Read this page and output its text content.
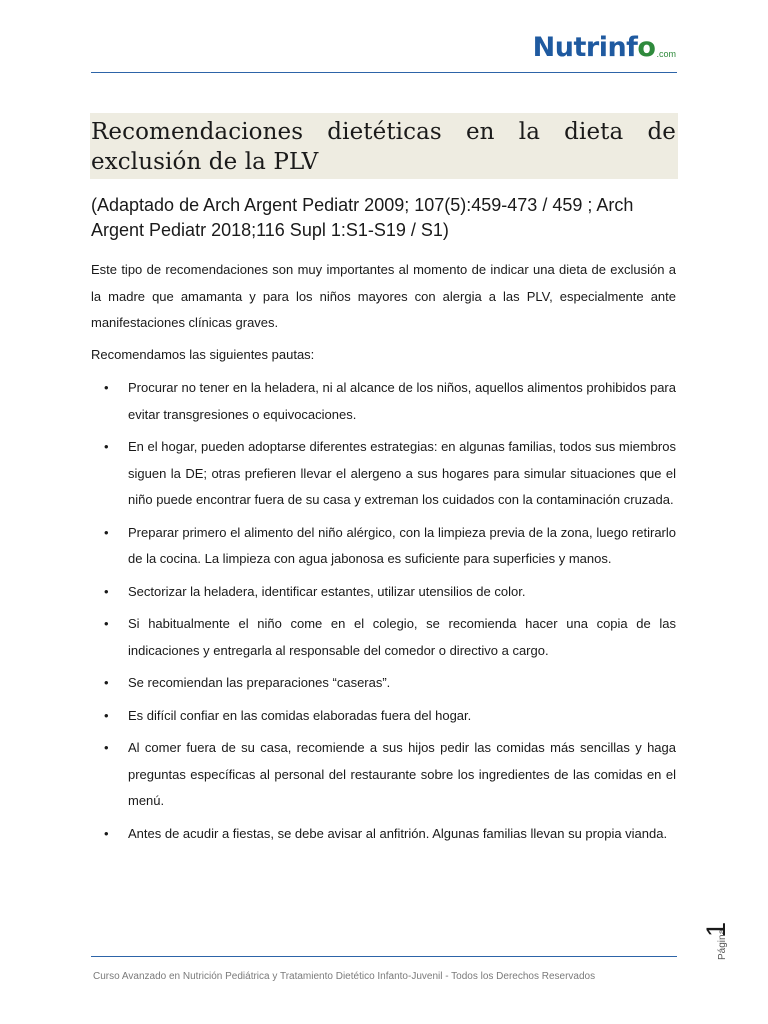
Nutrinfo .com
Recomendaciones dietéticas en la dieta de exclusión de la PLV

(Adaptado de Arch Argent Pediatr 2009; 107(5):459-473 / 459 ; Arch Argent Pediatr 2018;116 Supl 1:S1-S19 / S1)

Este tipo de recomendaciones son muy importantes al momento de indicar una dieta de exclusión a la madre que amamanta y para los niños mayores con alergia a las PLV, especialmente ante manifestaciones clínicas graves.

Recomendamos las siguientes pautas:

• Procurar no tener en la heladera, ni al alcance de los niños, aquellos alimentos prohibidos para evitar transgresiones o equivocaciones.
• En el hogar, pueden adoptarse diferentes estrategias: en algunas familias, todos sus miembros siguen la DE; otras prefieren llevar el alergeno a sus hogares para simular situaciones que el niño puede encontrar fuera de su casa y extreman los cuidados con la contaminación cruzada.
• Preparar primero el alimento del niño alérgico, con la limpieza previa de la zona, luego retirarlo de la cocina. La limpieza con agua jabonosa es suficiente para superficies y manos.
• Sectorizar la heladera, identificar estantes, utilizar utensilios de color.
• Si habitualmente el niño come en el colegio, se recomienda hacer una copia de las indicaciones y entregarla al responsable del comedor o directivo a cargo.
• Se recomiendan las preparaciones “caseras”.
• Es difícil confiar en las comidas elaboradas fuera del hogar.
• Al comer fuera de su casa, recomiende a sus hijos pedir las comidas más sencillas y haga preguntas específicas al personal del restaurante sobre los ingredientes de las comidas en el menú.
• Antes de acudir a fiestas, se debe avisar al anfitrión. Algunas familias llevan su propia vianda.
Curso Avanzado en Nutrición Pediátrica y Tratamiento Dietético Infanto-Juvenil - Todos los Derechos Reservados
Página
1
